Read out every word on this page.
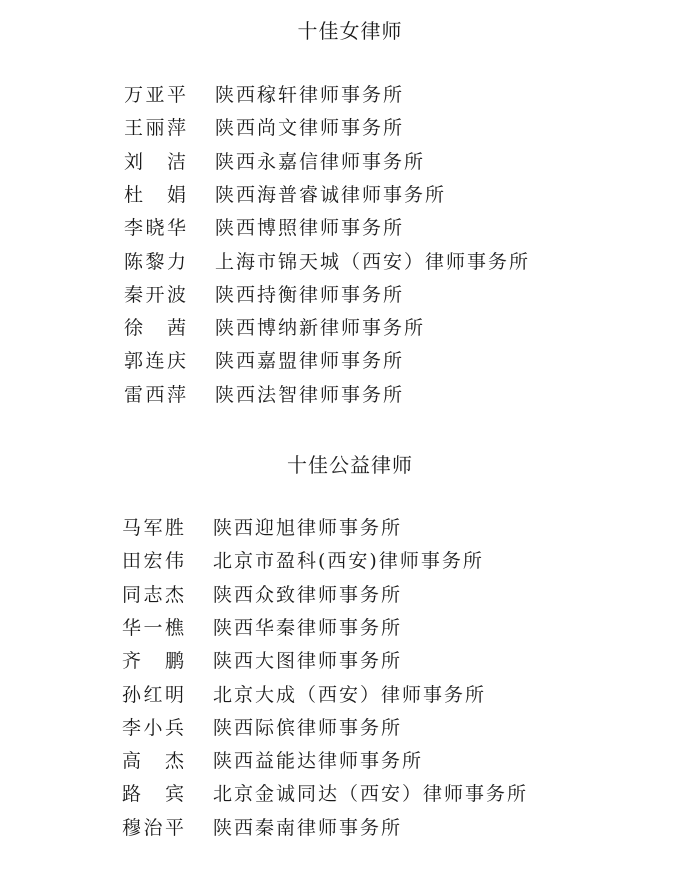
十佳女律师
万 亚 平 陕西稼轩律师事务所
王 丽 萍 陕西尚文律师事务所
刘 洁 陕西永嘉信律师事务所
杜 娟 陕西海普睿诚律师事务所
李 晓 华 陕西博照律师事务所
陈 黎 力 上海市锦天城（西安）律师事务所
秦 开 波 陕西持衡律师事务所
徐 茜 陕西博纳新律师事务所
郭 连 庆 陕西嘉盟律师事务所
雷 西 萍 陕西法智律师事务所
十佳公益律师
马 军 胜 陕西迎旭律师事务所
田 宏 伟 北京市盈科(西安)律师事务所
同 志 杰 陕西众致律师事务所
华 一 樵 陕西华秦律师事务所
齐 鹏 陕西大图律师事务所
孙 红 明 北京大成（西安）律师事务所
李 小 兵 陕西际傧律师事务所
高 杰 陕西益能达律师事务所
路 宾 北京金诚同达（西安）律师事务所
穆 治 平 陕西秦南律师事务所
